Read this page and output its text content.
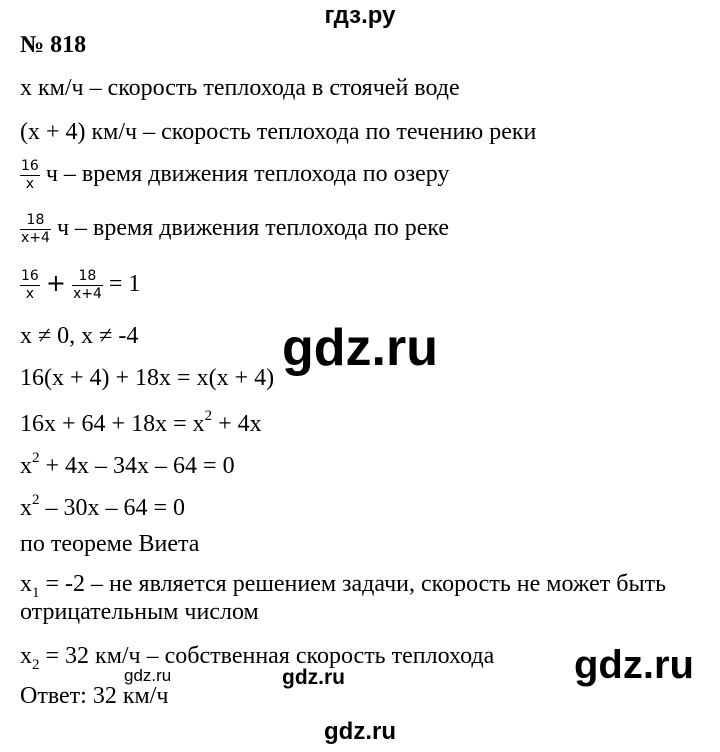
гдз.ру
№ 818
x км/ч – скорость теплохода в стоячей воде
(x + 4) км/ч – скорость теплохода по течению реки
$\frac{16}{x}$ ч – время движения теплохода по озеру
$\frac{18}{x+4}$ ч – время движения теплохода по реке
$\frac{16}{x} + \frac{18}{x+4} = 1$
x ≠ 0, x ≠ -4
16(x + 4) + 18x = x(x + 4)
$16x + 64 + 18x = x^2 + 4x$
$x^2 + 4x - 34x - 64 = 0$
$x^2 - 30x - 64 = 0$
по теореме Виета
$x_1 = -2$ – не является решением задачи, скорость не может быть
отрицательным числом
$x_2 = 32$ км/ч – собственная скорость теплохода
gdz.ru	gdz.ru
Ответ: 32 км/ч
gdz.ru
gdz.ru
gdz.ru
